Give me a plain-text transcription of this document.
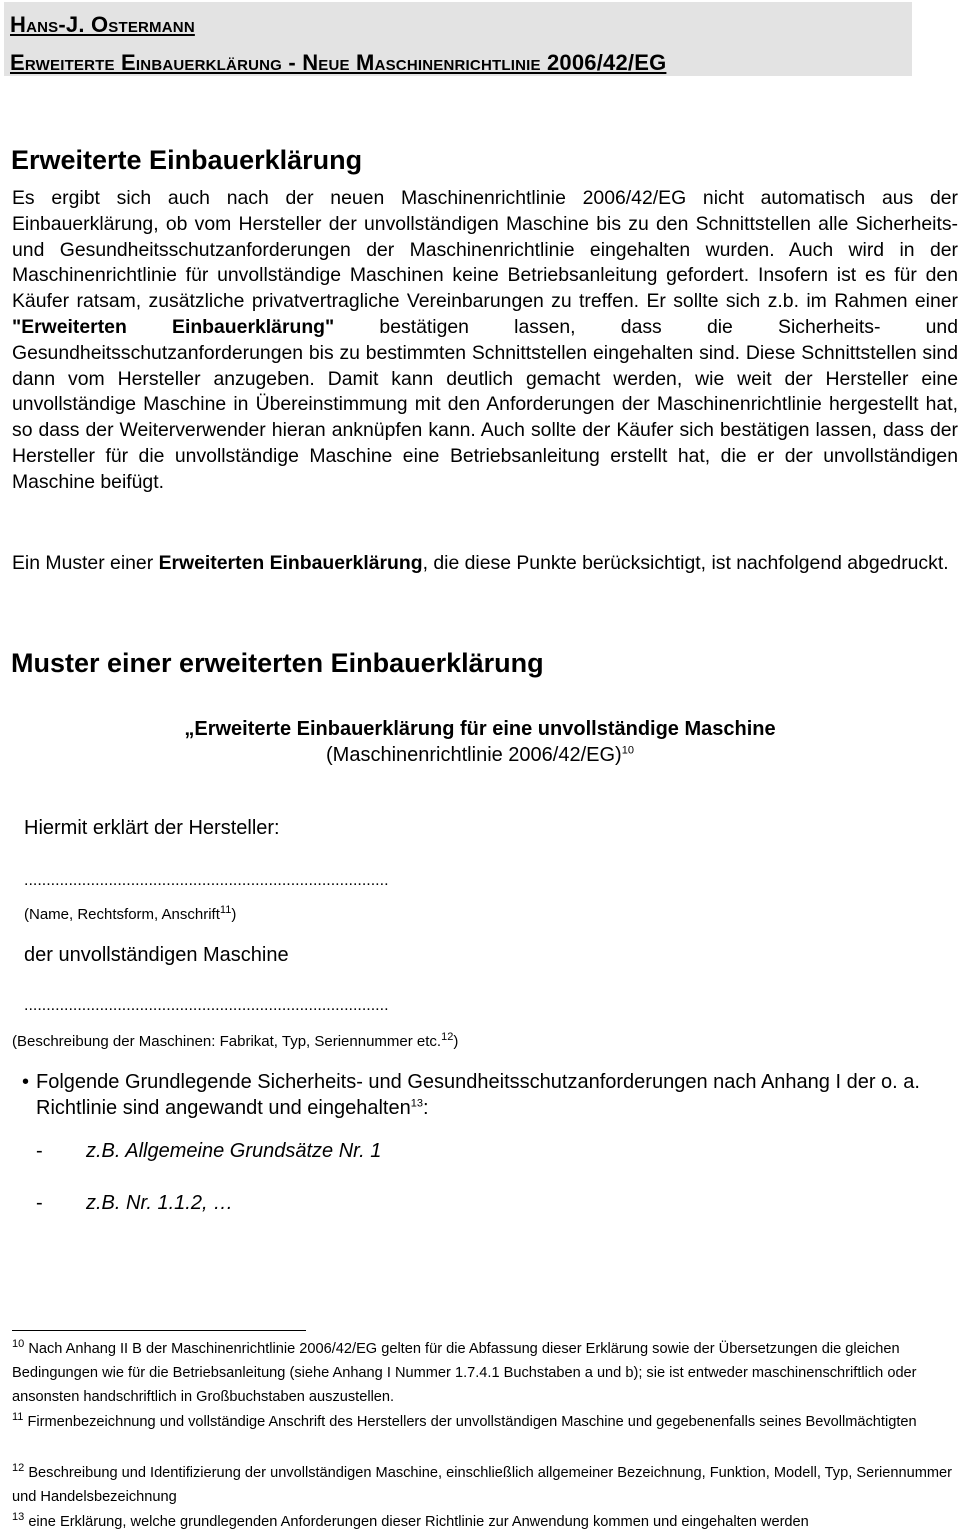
Hans-J. Ostermann
Erweiterte Einbauerklärung - Neue Maschinenrichtlinie 2006/42/EG
Erweiterte Einbauerklärung
Es ergibt sich auch nach der neuen Maschinenrichtlinie 2006/42/EG nicht automatisch aus der Einbauerklärung, ob vom Hersteller der unvollständigen Maschine bis zu den Schnittstellen alle Sicherheits- und Gesundheitsschutzanforderungen der Maschinenrichtlinie eingehalten wurden. Auch wird in der Maschinenrichtlinie für unvollständige Maschinen keine Betriebsanleitung gefordert. Insofern ist es für den Käufer ratsam, zusätzliche privatvertragliche Vereinbarungen zu treffen. Er sollte sich z.b. im Rahmen einer "Erweiterten Einbauerklärung" bestätigen lassen, dass die Sicherheits- und Gesundheitsschutzanforderungen bis zu bestimmten Schnittstellen eingehalten sind. Diese Schnittstellen sind dann vom Hersteller anzugeben. Damit kann deutlich gemacht werden, wie weit der Hersteller eine unvollständige Maschine in Übereinstimmung mit den Anforderungen der Maschinenrichtlinie hergestellt hat, so dass der Weiterverwender hieran anknüpfen kann. Auch sollte der Käufer sich bestätigen lassen, dass der Hersteller für die unvollständige Maschine eine Betriebsanleitung erstellt hat, die er der unvollständigen Maschine beifügt.
Ein Muster einer Erweiterten Einbauerklärung, die diese Punkte berücksichtigt, ist nachfolgend abgedruckt.
Muster einer erweiterten Einbauerklärung
„Erweiterte Einbauerklärung für eine unvollständige Maschine
(Maschinenrichtlinie 2006/42/EG)$^{10}$
Hiermit erklärt der Hersteller:
..................................................................................
(Name, Rechtsform, Anschrift$^{11}$)
der unvollständigen Maschine
..................................................................................
(Beschreibung der Maschinen: Fabrikat, Typ, Seriennummer etc.$^{12}$)
• Folgende Grundlegende Sicherheits- und Gesundheitsschutzanforderungen nach Anhang I der o. a. Richtlinie sind angewandt und eingehalten$^{13}$:
- z.B. Allgemeine Grundsätze Nr. 1
- z.B. Nr. 1.1.2, …
$^{10}$ Nach Anhang II B der Maschinenrichtlinie 2006/42/EG gelten für die Abfassung dieser Erklärung sowie der Übersetzungen die gleichen Bedingungen wie für die Betriebsanleitung (siehe Anhang I Nummer 1.7.4.1 Buchstaben a und b); sie ist entweder maschinenschriftlich oder ansonsten handschriftlich in Großbuchstaben auszustellen.
$^{11}$ Firmenbezeichnung und vollständige Anschrift des Herstellers der unvollständigen Maschine und gegebenenfalls seines Bevollmächtigten
$^{12}$ Beschreibung und Identifizierung der unvollständigen Maschine, einschließlich allgemeiner Bezeichnung, Funktion, Modell, Typ, Seriennummer und Handelsbezeichnung
$^{13}$ eine Erklärung, welche grundlegenden Anforderungen dieser Richtlinie zur Anwendung kommen und eingehalten werden
